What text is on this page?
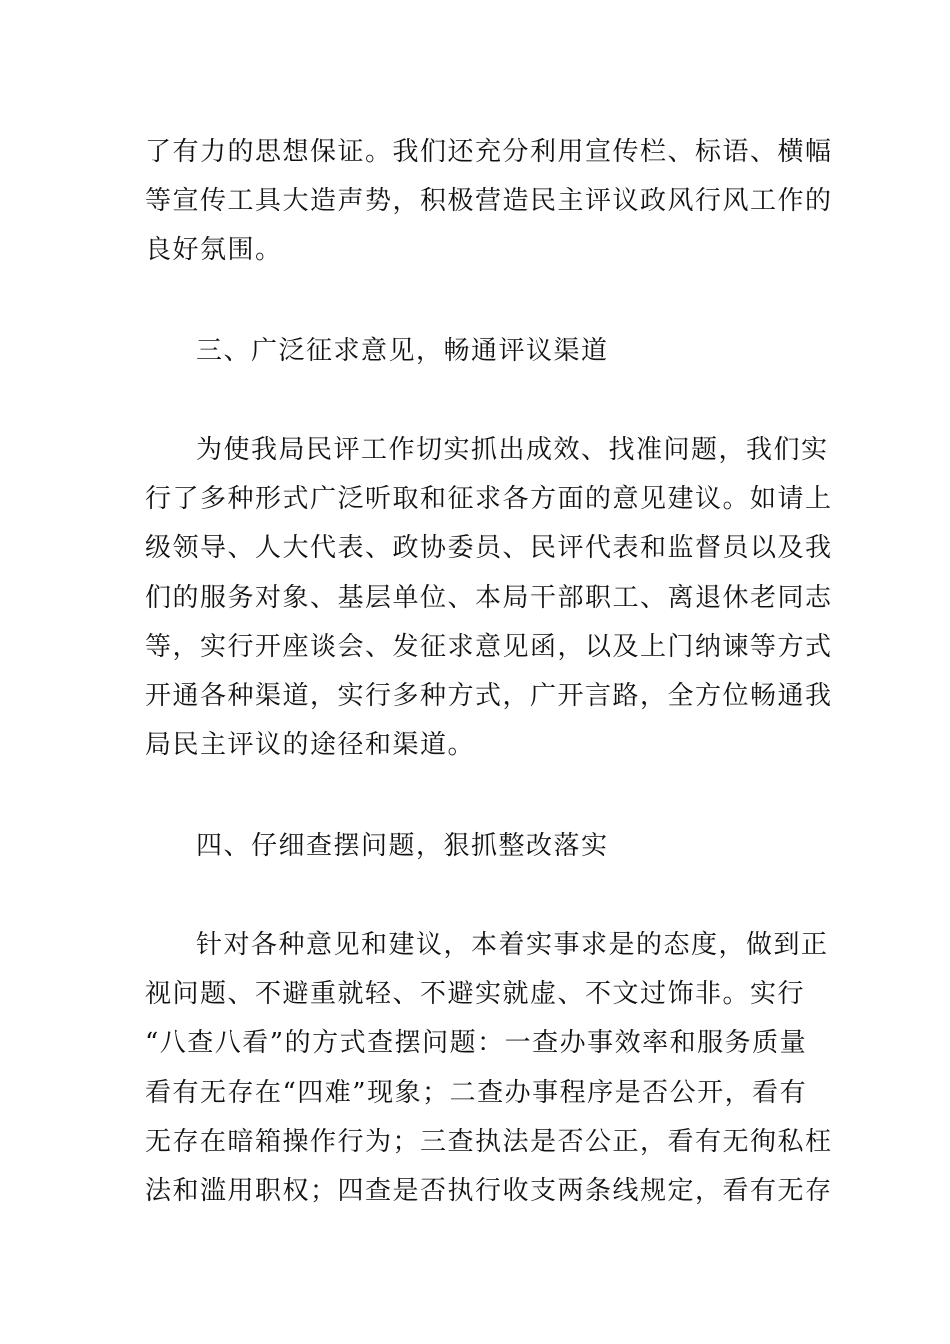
了有力的思想保证。我们还充分利用宣传栏、标语、横幅
等宣传工具大造声势，积极营造民主评议政风行风工作的
良好氛围。
三、广泛征求意见，畅通评议渠道
为使我局民评工作切实抓出成效、找准问题，我们实
行了多种形式广泛听取和征求各方面的意见建议。如请上
级领导、人大代表、政协委员、民评代表和监督员以及我
们的服务对象、基层单位、本局干部职工、离退休老同志
等，实行开座谈会、发征求意见函，以及上门纳谏等方式
开通各种渠道，实行多种方式，广开言路，全方位畅通我
局民主评议的途径和渠道。
四、仔细查摆问题，狠抓整改落实
针对各种意见和建议，本着实事求是的态度，做到正
视问题、不避重就轻、不避实就虚、不文过饰非。实行
“八查八看”的方式查摆问题：一查办事效率和服务质量
看有无存在“四难”现象；二查办事程序是否公开，看有
无存在暗箱操作行为；三查执法是否公正，看有无徇私枉
法和滥用职权；四查是否执行收支两条线规定，看有无存
